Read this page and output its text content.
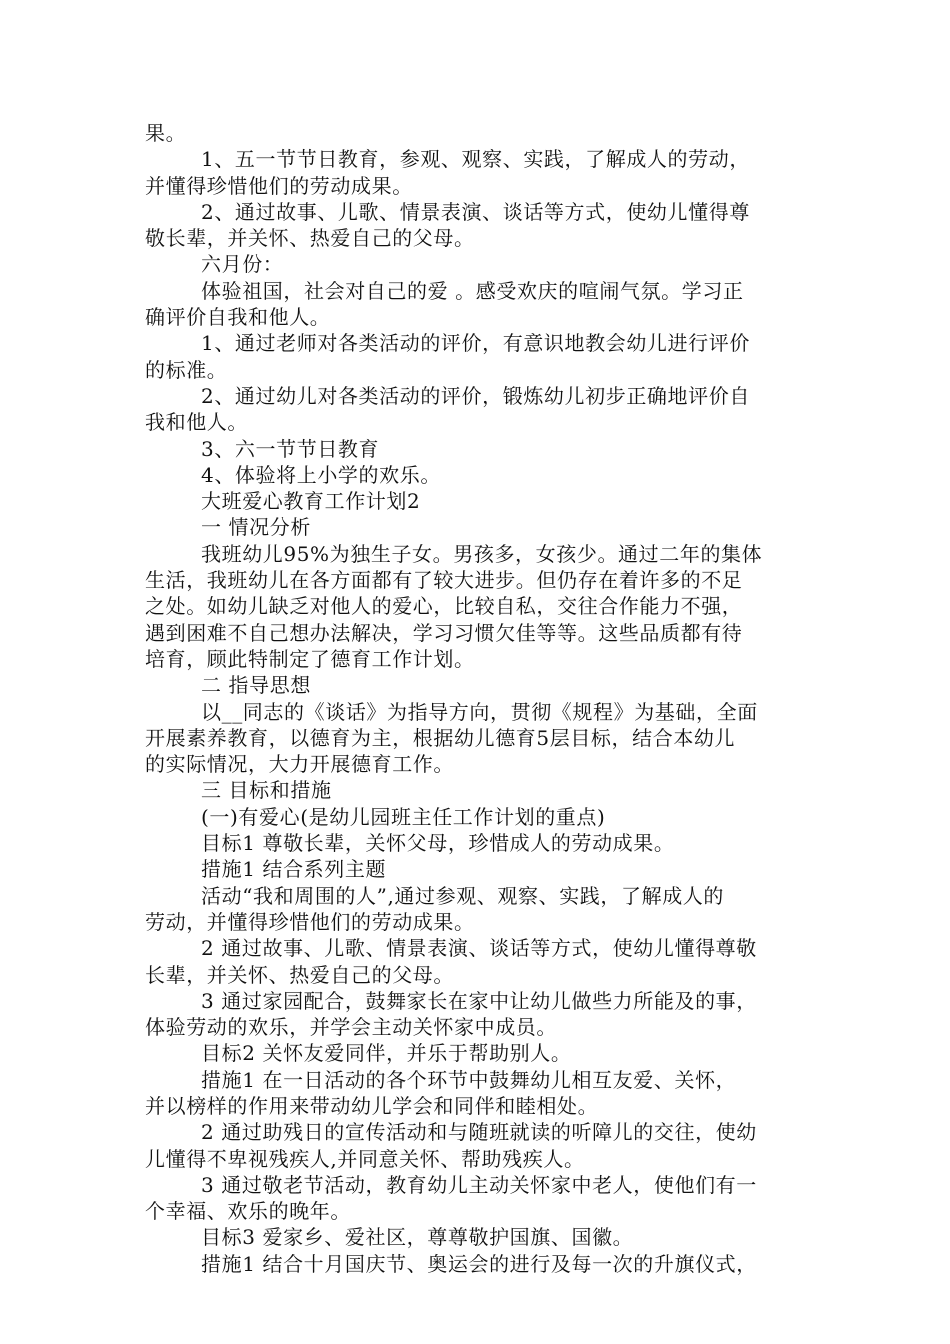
果。
1、五一节节日教育，参观、观察、实践，了解成人的劳动，
并懂得珍惜他们的劳动成果。
2、通过故事、儿歌、情景表演、谈话等方式，使幼儿懂得尊
敬长辈，并关怀、热爱自己的父母。
六月份：
体验祖国，社会对自己的爱 。感受欢庆的喧闹气氛。学习正
确评价自我和他人。
1、通过老师对各类活动的评价，有意识地教会幼儿进行评价
的标准。
2、通过幼儿对各类活动的评价，锻炼幼儿初步正确地评价自
我和他人。
3、六一节节日教育
4、体验将上小学的欢乐。
大班爱心教育工作计划2
一 情况分析
我班幼儿95%为独生子女。男孩多，女孩少。通过二年的集体
生活，我班幼儿在各方面都有了较大进步。但仍存在着许多的不足
之处。如幼儿缺乏对他人的爱心，比较自私，交往合作能力不强，
遇到困难不自己想办法解决，学习习惯欠佳等等。这些品质都有待
培育，顾此特制定了德育工作计划。
二 指导思想
以__同志的《谈话》为指导方向，贯彻《规程》为基础，全面
开展素养教育，以德育为主，根据幼儿德育5层目标，结合本幼儿
的实际情况，大力开展德育工作。
三 目标和措施
(一)有爱心(是幼儿园班主任工作计划的重点)
目标1 尊敬长辈，关怀父母，珍惜成人的劳动成果。
措施1 结合系列主题
活动“我和周围的人”,通过参观、观察、实践，了解成人的
劳动，并懂得珍惜他们的劳动成果。
2 通过故事、儿歌、情景表演、谈话等方式，使幼儿懂得尊敬
长辈，并关怀、热爱自己的父母。
3 通过家园配合，鼓舞家长在家中让幼儿做些力所能及的事，
体验劳动的欢乐，并学会主动关怀家中成员。
目标2 关怀友爱同伴，并乐于帮助别人。
措施1 在一日活动的各个环节中鼓舞幼儿相互友爱、关怀，
并以榜样的作用来带动幼儿学会和同伴和睦相处。
2 通过助残日的宣传活动和与随班就读的听障儿的交往，使幼
儿懂得不卑视残疾人,并同意关怀、帮助残疾人。
3 通过敬老节活动，教育幼儿主动关怀家中老人，使他们有一
个幸福、欢乐的晚年。
目标3 爱家乡、爱社区，尊尊敬护国旗、国徽。
措施1 结合十月国庆节、奥运会的进行及每一次的升旗仪式，
